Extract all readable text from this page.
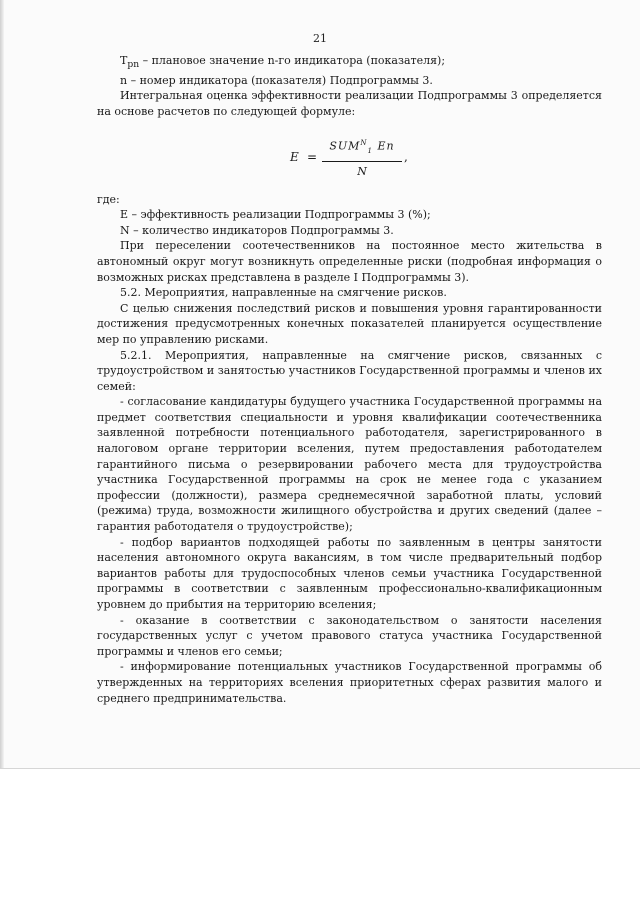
21

$T_{pn}$ – плановое значение n-го индикатора (показателя);

n – номер индикатора (показателя) Подпрограммы 3.

Интегральная оценка эффективности реализации Подпрограммы 3 определяется на основе расчетов по следующей формуле:

E =
$SUM^N_1$ En
N
,

где:

E – эффективность реализации Подпрограммы 3 (%);

N – количество индикаторов Подпрограммы 3.

При переселении соотечественников на постоянное место жительства в автономный округ могут возникнуть определенные риски (подробная информация о возможных рисках представлена в разделе I Подпрограммы 3).

5.2. Мероприятия, направленные на смягчение рисков.

С целью снижения последствий рисков и повышения уровня гарантированности достижения предусмотренных конечных показателей планируется осуществление мер по управлению рисками.

5.2.1. Мероприятия, направленные на смягчение рисков, связанных с трудоустройством и занятостью участников Государственной программы и членов их семей:

- согласование кандидатуры будущего участника Государственной программы на предмет соответствия специальности и уровня квалификации соотечественника заявленной потребности потенциального работодателя, зарегистрированного в налоговом органе территории вселения, путем предоставления работодателем гарантийного письма о резервировании рабочего места для трудоустройства участника Государственной программы на срок не менее года с указанием профессии (должности), размера среднемесячной заработной платы, условий (режима) труда, возможности жилищного обустройства и других сведений (далее – гарантия работодателя о трудоустройстве);

- подбор вариантов подходящей работы по заявленным в центры занятости населения автономного округа вакансиям, в том числе предварительный подбор вариантов работы для трудоспособных членов семьи участника Государственной программы в соответствии с заявленным профессионально-квалификационным уровнем до прибытия на территорию вселения;

- оказание в соответствии с законодательством о занятости населения государственных услуг с учетом правового статуса участника Государственной программы и членов его семьи;

- информирование потенциальных участников Государственной программы об утвержденных на территориях вселения приоритетных сферах развития малого и среднего предпринимательства.
